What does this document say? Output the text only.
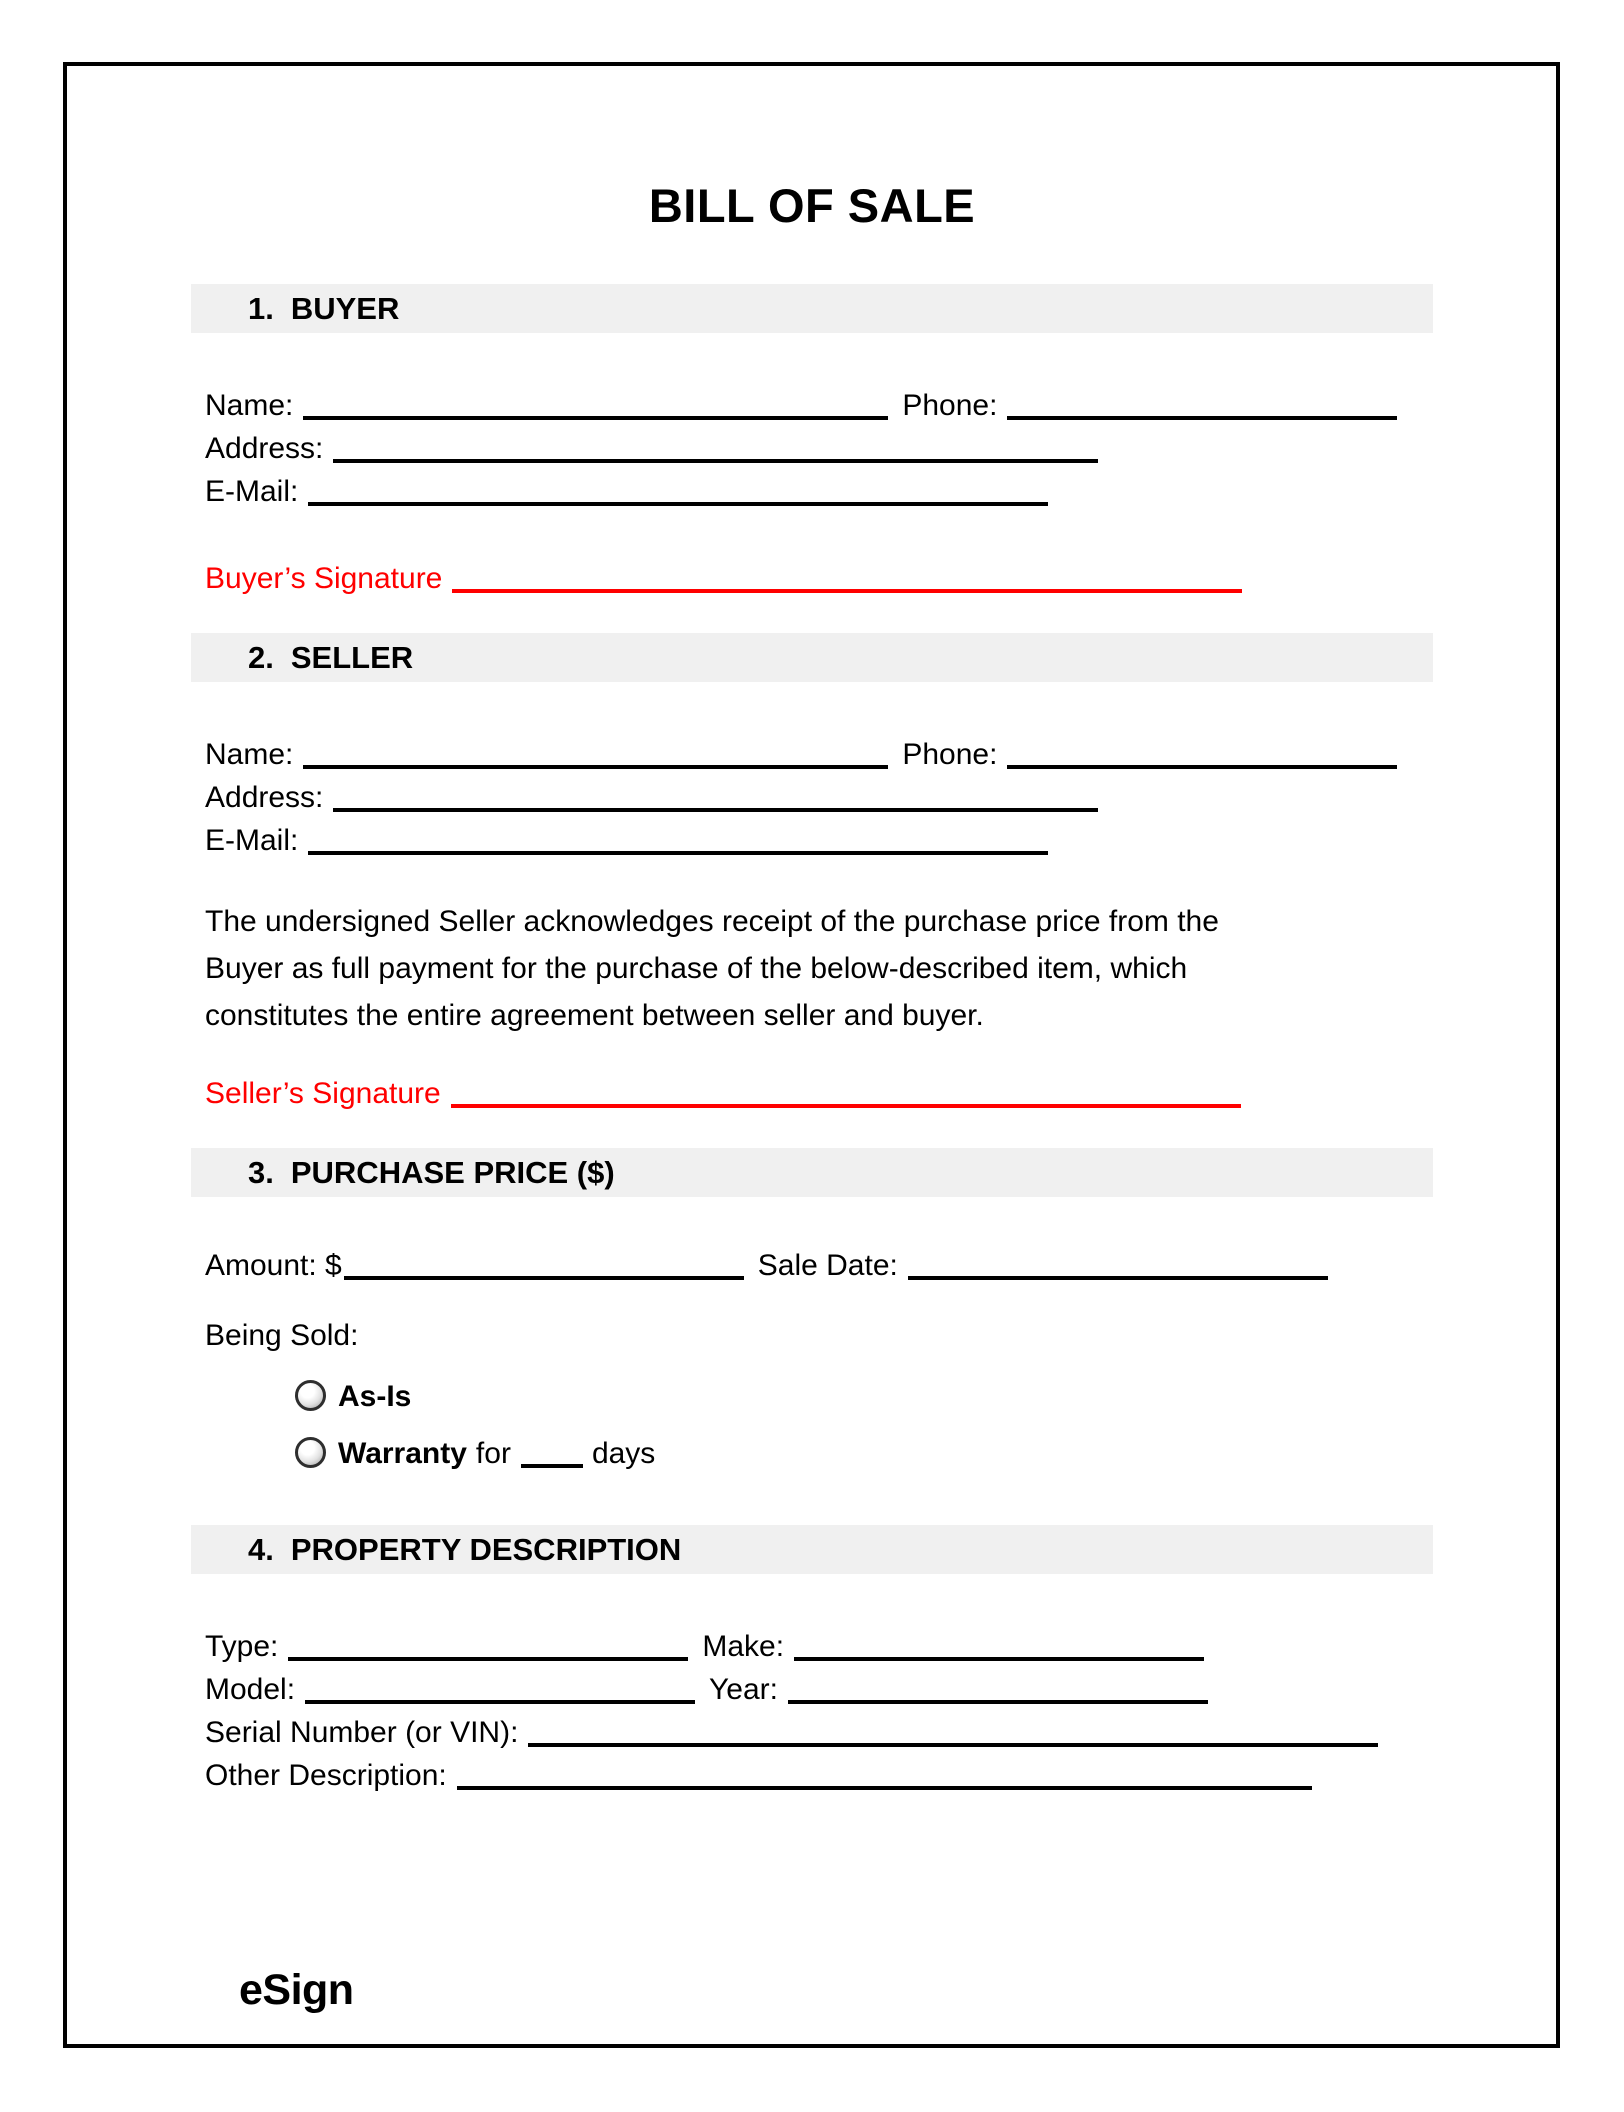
BILL OF SALE
1. BUYER
Name:	Phone:
Address:
E-Mail:
Buyer’s Signature
2. SELLER
Name:	Phone:
Address:
E-Mail:
The undersigned Seller acknowledges receipt of the purchase price from the Buyer as full payment for the purchase of the below-described item, which constitutes the entire agreement between seller and buyer.
Seller’s Signature
3. PURCHASE PRICE ($)
Amount: $	Sale Date:
Being Sold:
As-Is
Warranty for	days
4. PROPERTY DESCRIPTION
Type:	Make:
Model:	Year:
Serial Number (or VIN):
Other Description:
eSign
